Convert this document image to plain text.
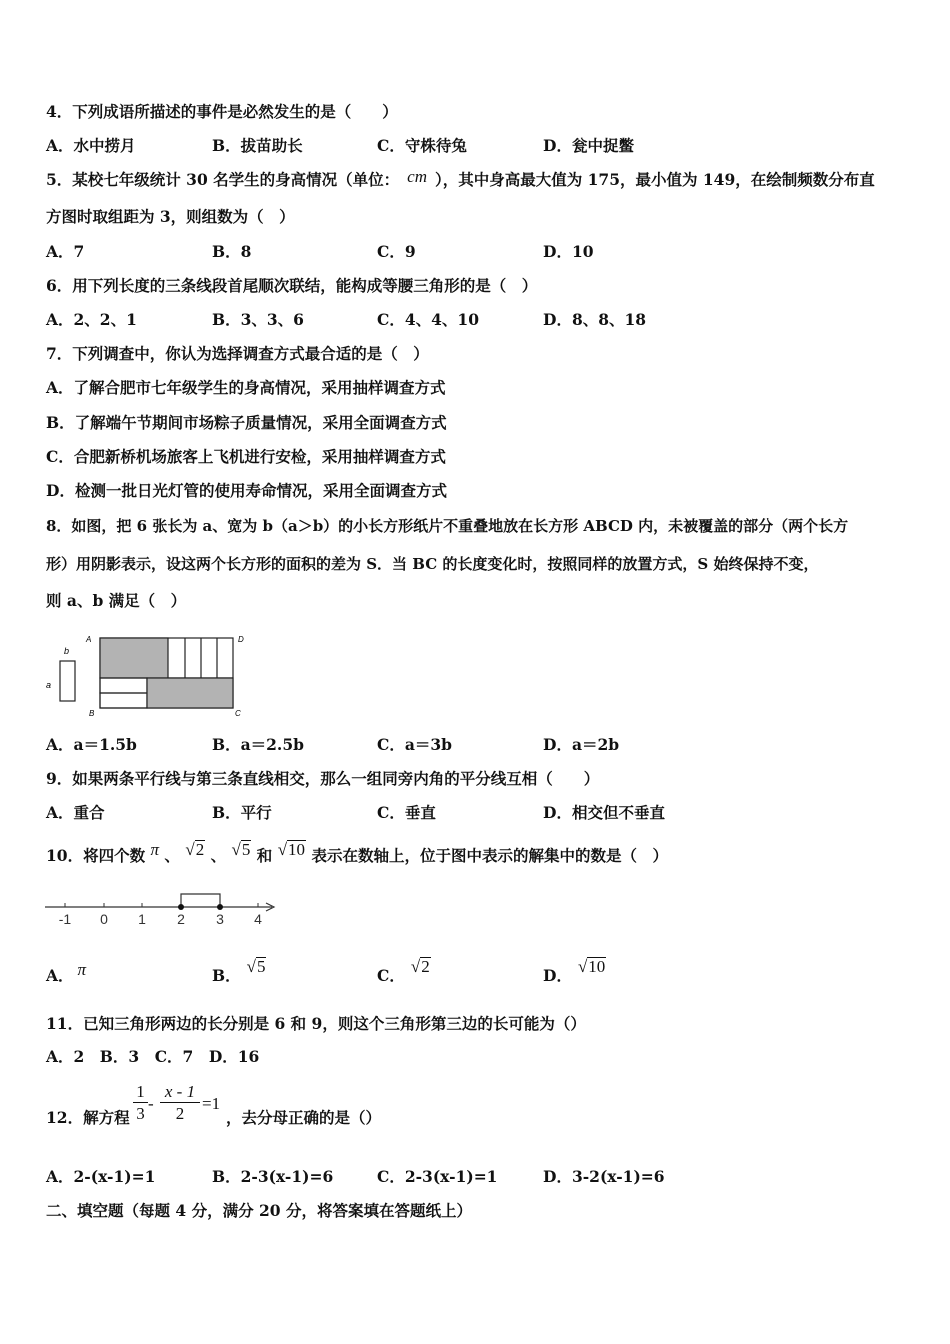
4．下列成语所描述的事件是必然发生的是（　　）
A．水中捞月	B．拔苗助长	C．守株待兔	D．瓮中捉鳖
5．某校七年级统计 30 名学生的身高情况（单位： cm ），其中身高最大值为 175，最小值为 149，在绘制频数分布直
方图时取组距为 3，则组数为（　）
A．7	B．8	C．9	D．10
6．用下列长度的三条线段首尾顺次联结，能构成等腰三角形的是（　）
A．2、2、1	B．3、3、6	C．4、4、10	D．8、8、18
7．下列调查中，你认为选择调查方式最合适的是（　）
A．了解合肥市七年级学生的身高情况，采用抽样调查方式
B．了解端午节期间市场粽子质量情况，采用全面调查方式
C．合肥新桥机场旅客上飞机进行安检，采用抽样调查方式
D．检测一批日光灯管的使用寿命情况，采用全面调查方式
8．如图，把 6 张长为 a、宽为 b（a＞b）的小长方形纸片不重叠地放在长方形 ABCD 内，未被覆盖的部分（两个长方
形）用阴影表示，设这两个长方形的面积的差为 S．当 BC 的长度变化时，按照同样的放置方式，S 始终保持不变，
则 a、b 满足（　）
b
a
A	D
B	C
A．a＝1.5b	B．a＝2.5b	C．a＝3b	D．a＝2b
9．如果两条平行线与第三条直线相交，那么一组同旁内角的平分线互相（　　）
A．重合	B．平行	C．垂直	D．相交但不垂直
10．将四个数 π 、 √2 、 √5 和 √10 表示在数轴上，位于图中表示的解集中的数是（　）
-1 0 1 2 3 4
A． π	B． √5	C． √2	D． √10
11．已知三角形两边的长分别是 6 和 9，则这个三角形第三边的长可能为（）
A．2　B．3　C．7　D．16
12．解方程
1
3
-
x - 1
2
=1
，去分母正确的是（）
A．2-(x-1)=1	B．2-3(x-1)=6	C．2-3(x-1)=1	D．3-2(x-1)=6
二、填空题（每题 4 分，满分 20 分，将答案填在答题纸上）
